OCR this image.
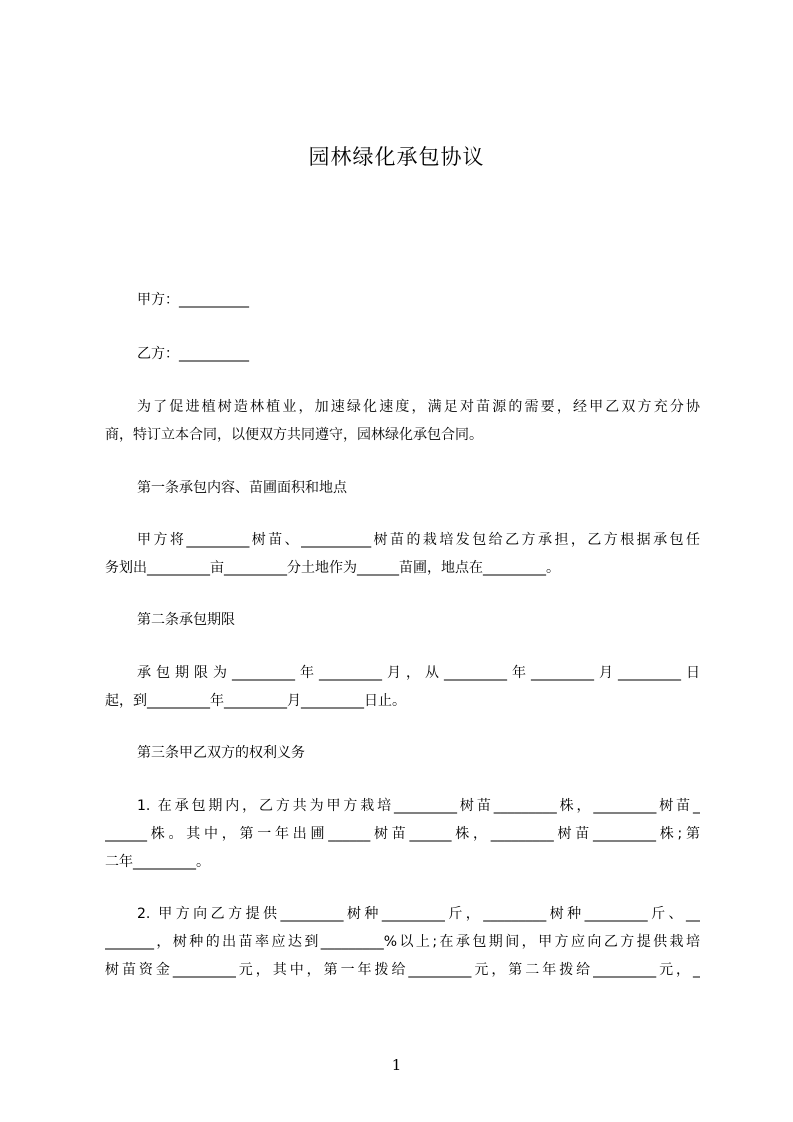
园林绿化承包协议
甲方：__________
乙方：__________
为了促进植树造林植业，加速绿化速度，满足对苗源的需要，经甲乙双方充分协
商，特订立本合同，以便双方共同遵守，园林绿化承包合同。
第一条承包内容、苗圃面积和地点
甲方将_________树苗、__________树苗的栽培发包给乙方承担，乙方根据承包任
务划出_________亩_________分土地作为______苗圃，地点在_________。
第二条承包期限
承包期限为_________年_________月，从_________年_________月_________日
起，到_________年_________月_________日止。
第三条甲乙双方的权利义务
1. 在承包期内，乙方共为甲方栽培_________树苗_________株，_________树苗_
______株。其中，第一年出圃______树苗______株，_________树苗_________株;第
二年_________。
2. 甲方向乙方提供_________树种_________斤，_________树种_________斤、__
_______，树种的出苗率应达到_________%以上;在承包期间，甲方应向乙方提供栽培
树苗资金_________元，其中，第一年拨给_________元，第二年拨给_________元，_
1
